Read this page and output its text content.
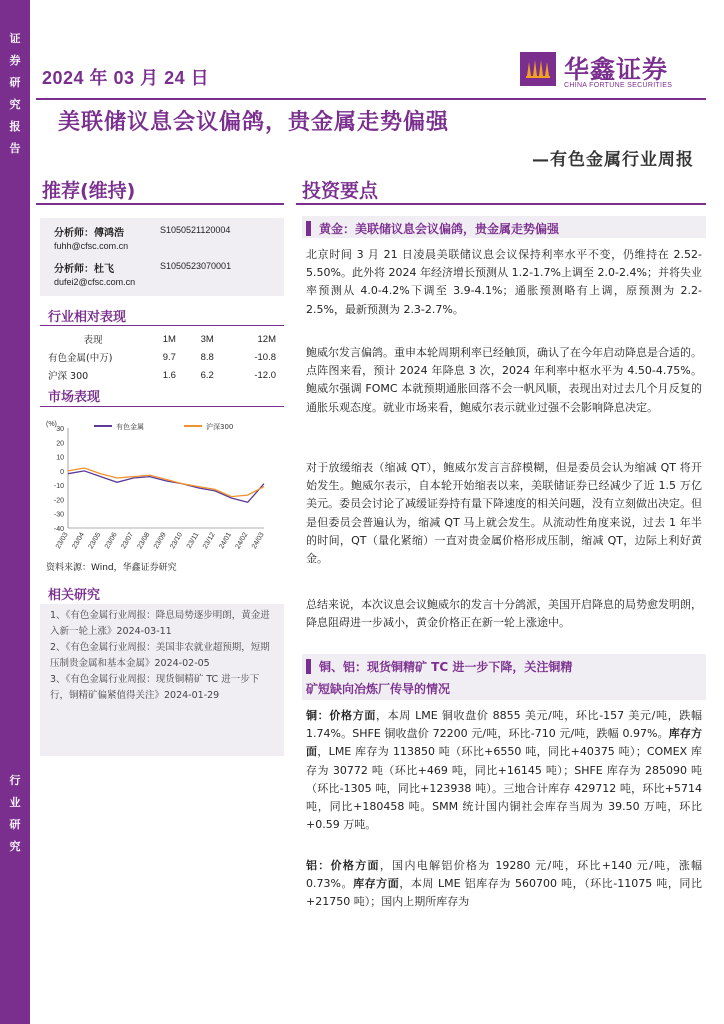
证券研究报告
行业研究
2024 年 03 月 24 日	华鑫证券
CHINA FORTUNE SECURITIES
美联储议息会议偏鸽，贵金属走势偏强
—有色金属行业周报
推荐(维持)	投资要点
分析师：傅鸿浩	S1050521120004
fuhh@cfsc.com.cn
分析师：杜飞	S1050523070001
dufei2@cfsc.com.cn
行业相对表现
表现	1M	3M	12M
有色金属(中万)	9.7	8.8	-10.8
沪深 300	1.6	6.2	-12.0
市场表现
(%)
30
20
10
0
-10
-20
-30
-40
23/03 23/04 23/05 23/06 23/07 23/08 23/09 23/10 23/11 23/12 24/01 24/02 24/03
有色金属	沪深300
资料来源：Wind，华鑫证券研究
相关研究

1、《有色金属行业周报：降息局势逐步明朗，黄金进入新一轮上涨》2024-03-11

2、《有色金属行业周报：美国非农就业超预期，短期压制贵金属和基本金属》2024-02-05

3、《有色金属行业周报：现货铜精矿 TC 进一步下行，铜精矿偏紧值得关注》2024-01-29

黄金：美联储议息会议偏鸽，贵金属走势偏强
北京时间 3 月 21 日凌晨美联储议息会议保持利率水平不变，仍维持在 2.52-5.50%。此外将 2024 年经济增长预测从 1.2-1.7%上调至 2.0-2.4%；并将失业率预测从 4.0-4.2%下调至 3.9-4.1%；通胀预测略有上调，原预测为 2.2-2.5%，最新预测为 2.3-2.7%。
鲍威尔发言偏鸽。重申本轮周期利率已经触顶，确认了在今年启动降息是合适的。点阵图来看，预计 2024 年降息 3 次，2024 年利率中枢水平为 4.50-4.75%。鲍威尔强调 FOMC 本就预期通胀回落不会一帆风顺，表现出对过去几个月反复的通胀乐观态度。就业市场来看，鲍威尔表示就业过强不会影响降息决定。
对于放缓缩表（缩减 QT），鲍威尔发言言辞模糊，但是委员会认为缩减 QT 将开始发生。鲍威尔表示，自本轮开始缩表以来，美联储证券已经减少了近 1.5 万亿美元。委员会讨论了减缓证券持有量下降速度的相关问题，没有立刻做出决定。但是但委员会普遍认为，缩减 QT 马上就会发生。从流动性角度来说，过去 1 年半的时间，QT（量化紧缩）一直对贵金属价格形成压制，缩减 QT，边际上利好黄金。
总结来说，本次议息会议鲍威尔的发言十分鸽派，美国开启降息的局势愈发明朗，降息阻碍进一步减小，黄金价格正在新一轮上涨途中。
铜、铝：现货铜精矿 TC 进一步下降，关注铜精
矿短缺向冶炼厂传导的情况
铜：价格方面，本周 LME 铜收盘价 8855 美元/吨，环比-157 美元/吨，跌幅 1.74%。SHFE 铜收盘价 72200 元/吨，环比-710 元/吨，跌幅 0.97%。库存方面，LME 库存为 113850 吨（环比+6550 吨，同比+40375 吨）；COMEX 库存为 30772 吨（环比+469 吨，同比+16145 吨）；SHFE 库存为 285090 吨（环比-1305 吨，同比+123938 吨）。三地合计库存 429712 吨，环比+5714 吨，同比+180458 吨。SMM 统计国内铜社会库存当周为 39.50 万吨，环比+0.59 万吨。
铝：价格方面，国内电解铝价格为 19280 元/吨，环比+140 元/吨，涨幅 0.73%。库存方面，本周 LME 铝库存为 560700 吨，（环比-11075 吨，同比+21750 吨）；国内上期所库存为
